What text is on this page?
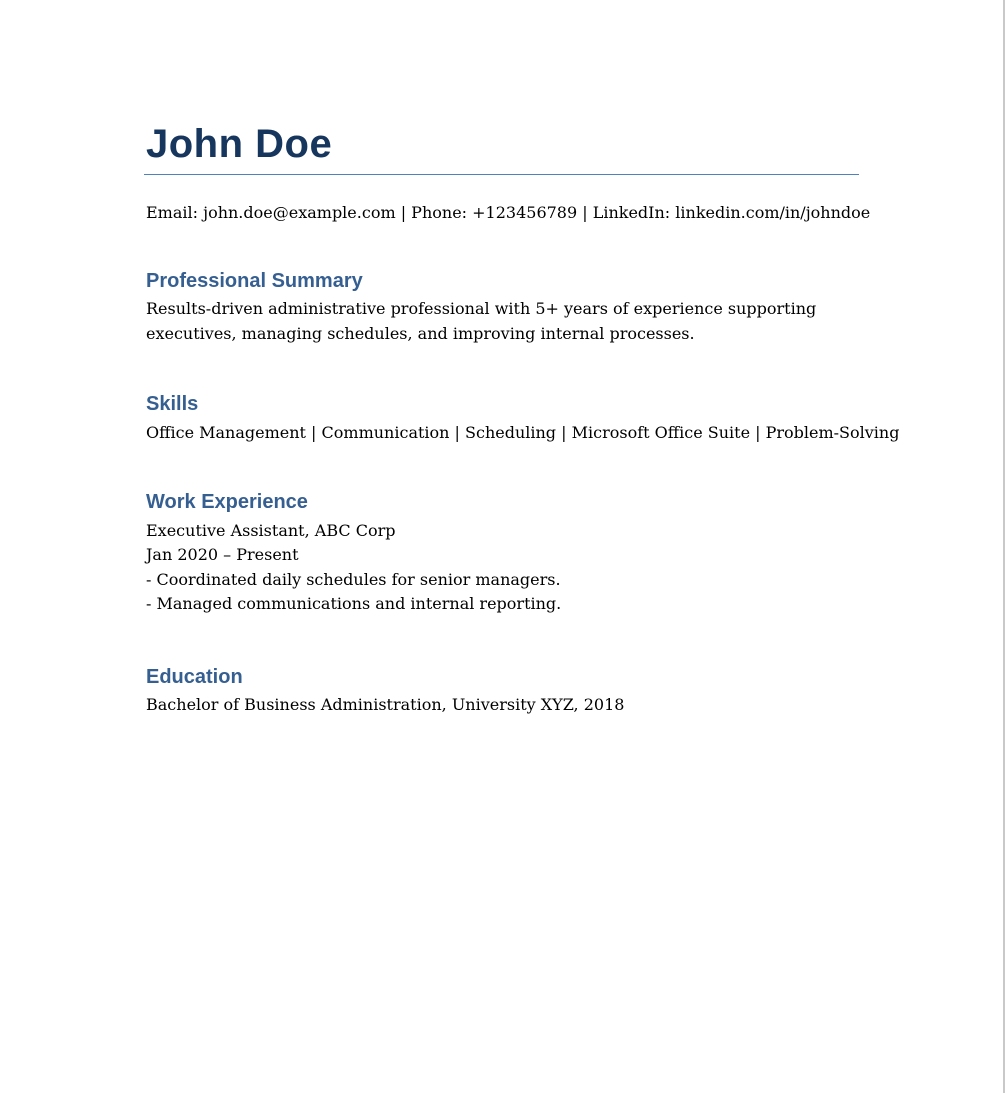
John Doe
Email: john.doe@example.com | Phone: +123456789 | LinkedIn: linkedin.com/in/johndoe
Professional Summary

Results-driven administrative professional with 5+ years of experience supporting
executives, managing schedules, and improving internal processes.

Skills

Office Management | Communication | Scheduling | Microsoft Office Suite | Problem-Solving

Work Experience

Executive Assistant, ABC Corp
Jan 2020 – Present
- Coordinated daily schedules for senior managers.
- Managed communications and internal reporting.

Education

Bachelor of Business Administration, University XYZ, 2018
